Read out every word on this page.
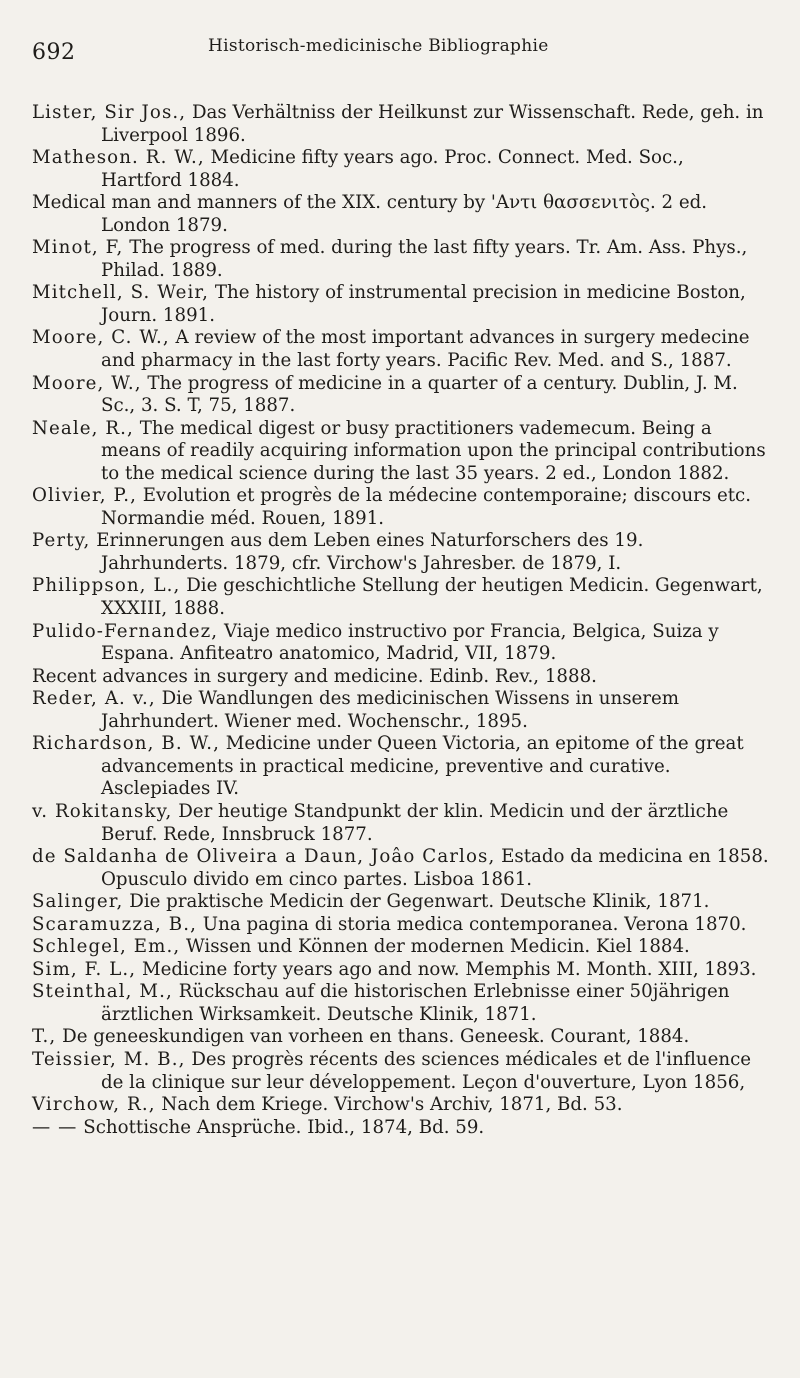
692	Historisch-medicinische Bibliographie

Lister, Sir Jos., Das Verhältniss der Heilkunst zur Wissenschaft. Rede, geh. in Liverpool 1896.

Matheson. R. W., Medicine fifty years ago. Proc. Connect. Med. Soc., Hartford 1884.

Medical man and manners of the XIX. century by 'Αντι θασσενιτὸς. 2 ed. London 1879.

Minot, F, The progress of med. during the last fifty years. Tr. Am. Ass. Phys., Philad. 1889.

Mitchell, S. Weir, The history of instrumental precision in medicine Boston, Journ. 1891.

Moore, C. W., A review of the most important advances in surgery medecine and pharmacy in the last forty years. Pacific Rev. Med. and S., 1887.

Moore, W., The progress of medicine in a quarter of a century. Dublin, J. M. Sc., 3. S. T, 75, 1887.

Neale, R., The medical digest or busy practitioners vademecum. Being a means of readily acquiring information upon the principal contributions to the medical science during the last 35 years. 2 ed., London 1882.

Olivier, P., Evolution et progrès de la médecine contemporaine; discours etc. Normandie méd. Rouen, 1891.

Perty, Erinnerungen aus dem Leben eines Naturforschers des 19. Jahrhunderts. 1879, cfr. Virchow's Jahresber. de 1879, I.

Philippson, L., Die geschichtliche Stellung der heutigen Medicin. Gegenwart, XXXIII, 1888.

Pulido-Fernandez, Viaje medico instructivo por Francia, Belgica, Suiza y Espana. Anfiteatro anatomico, Madrid, VII, 1879.

Recent advances in surgery and medicine. Edinb. Rev., 1888.

Reder, A. v., Die Wandlungen des medicinischen Wissens in unserem Jahrhundert. Wiener med. Wochenschr., 1895.

Richardson, B. W., Medicine under Queen Victoria, an epitome of the great advancements in practical medicine, preventive and curative. Asclepiades IV.

v. Rokitansky, Der heutige Standpunkt der klin. Medicin und der ärztliche Beruf. Rede, Innsbruck 1877.

de Saldanha de Oliveira a Daun, Joâo Carlos, Estado da medicina en 1858. Opusculo divido em cinco partes. Lisboa 1861.

Salinger, Die praktische Medicin der Gegenwart. Deutsche Klinik, 1871.

Scaramuzza, B., Una pagina di storia medica contemporanea. Verona 1870.

Schlegel, Em., Wissen und Können der modernen Medicin. Kiel 1884.

Sim, F. L., Medicine forty years ago and now. Memphis M. Month. XIII, 1893.

Steinthal, M., Rückschau auf die historischen Erlebnisse einer 50jährigen ärztlichen Wirksamkeit. Deutsche Klinik, 1871.

T., De geneeskundigen van vorheen en thans. Geneesk. Courant, 1884.

Teissier, M. B., Des progrès récents des sciences médicales et de l'influence de la clinique sur leur développement. Leçon d'ouverture, Lyon 1856,

Virchow, R., Nach dem Kriege. Virchow's Archiv, 1871, Bd. 53.

— — Schottische Ansprüche. Ibid., 1874, Bd. 59.
